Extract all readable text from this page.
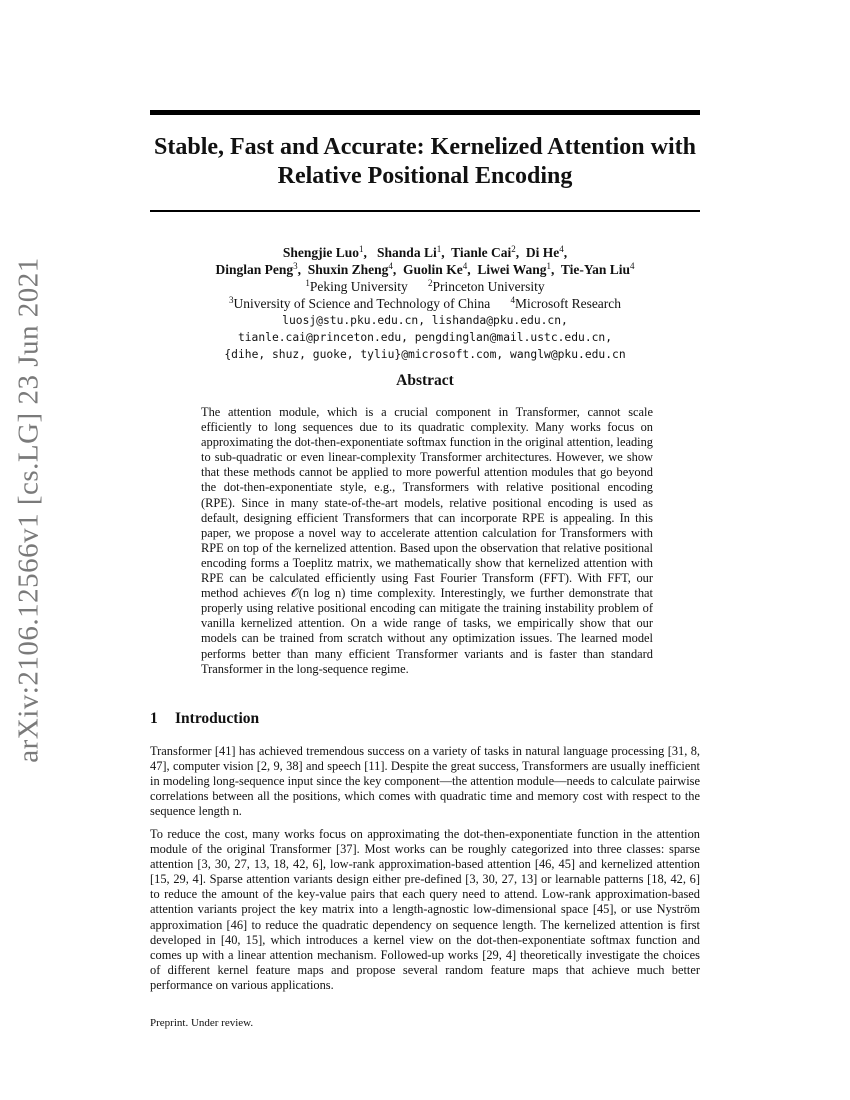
arXiv:2106.12566v1 [cs.LG] 23 Jun 2021
Stable, Fast and Accurate: Kernelized Attention with
Relative Positional Encoding
Shengjie Luo$^1$,   Shanda Li$^1$,  Tianle Cai$^2$,  Di He$^4$,
Dinglan Peng$^3$,  Shuxin Zheng$^4$,  Guolin Ke$^4$,  Liwei Wang$^1$,  Tie-Yan Liu$^4$
$^1$Peking University $^2$Princeton University
$^3$University of Science and Technology of China $^4$Microsoft Research
luosj@stu.pku.edu.cn, lishanda@pku.edu.cn,
tianle.cai@princeton.edu, pengdinglan@mail.ustc.edu.cn,
{dihe, shuz, guoke, tyliu}@microsoft.com, wanglw@pku.edu.cn
Abstract
The attention module, which is a crucial component in Transformer, cannot scale efficiently to long sequences due to its quadratic complexity. Many works focus on approximating the dot-then-exponentiate softmax function in the original attention, leading to sub-quadratic or even linear-complexity Transformer architectures. However, we show that these methods cannot be applied to more powerful attention modules that go beyond the dot-then-exponentiate style, e.g., Transformers with relative positional encoding (RPE). Since in many state-of-the-art models, relative positional encoding is used as default, designing efficient Transformers that can incorporate RPE is appealing. In this paper, we propose a novel way to accelerate attention calculation for Transformers with RPE on top of the kernelized attention. Based upon the observation that relative positional encoding forms a Toeplitz matrix, we mathematically show that kernelized attention with RPE can be calculated efficiently using Fast Fourier Transform (FFT). With FFT, our method achieves 𝒪(n log n) time complexity. Interestingly, we further demonstrate that properly using relative positional encoding can mitigate the training instability problem of vanilla kernelized attention. On a wide range of tasks, we empirically show that our models can be trained from scratch without any optimization issues. The learned model performs better than many efficient Transformer variants and is faster than standard Transformer in the long-sequence regime.
1 Introduction
Transformer [41] has achieved tremendous success on a variety of tasks in natural language processing [31, 8, 47], computer vision [2, 9, 38] and speech [11]. Despite the great success, Transformers are usually inefficient in modeling long-sequence input since the key component—the attention module—needs to calculate pairwise correlations between all the positions, which comes with quadratic time and memory cost with respect to the sequence length n.
To reduce the cost, many works focus on approximating the dot-then-exponentiate function in the attention module of the original Transformer [37]. Most works can be roughly categorized into three classes: sparse attention [3, 30, 27, 13, 18, 42, 6], low-rank approximation-based attention [46, 45] and kernelized attention [15, 29, 4]. Sparse attention variants design either pre-defined [3, 30, 27, 13] or learnable patterns [18, 42, 6] to reduce the amount of the key-value pairs that each query need to attend. Low-rank approximation-based attention variants project the key matrix into a length-agnostic low-dimensional space [45], or use Nyström approximation [46] to reduce the quadratic dependency on sequence length. The kernelized attention is first developed in [40, 15], which introduces a kernel view on the dot-then-exponentiate softmax function and comes up with a linear attention mechanism. Followed-up works [29, 4] theoretically investigate the choices of different kernel feature maps and propose several random feature maps that achieve much better performance on various applications.
Preprint. Under review.
